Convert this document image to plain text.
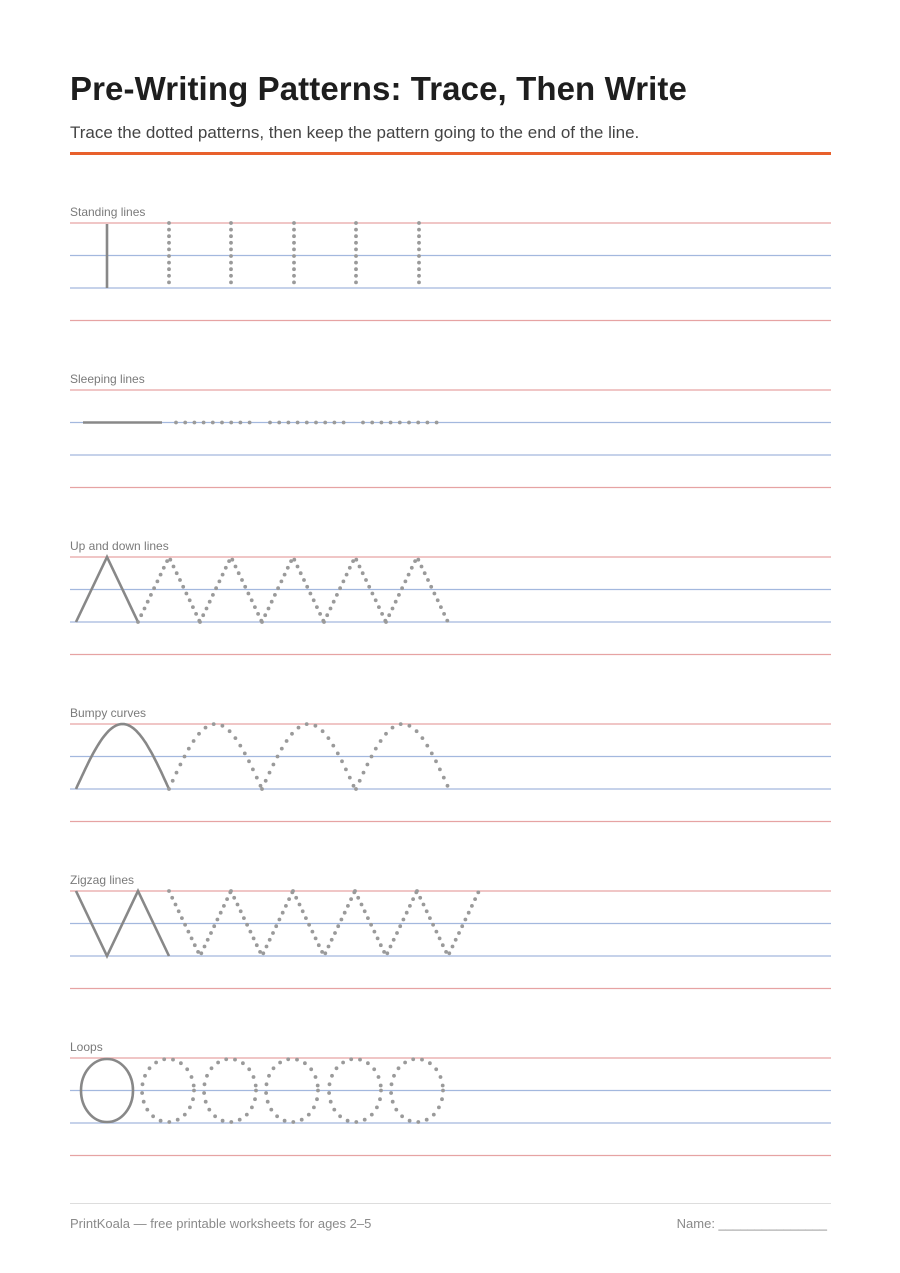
Pre-Writing Patterns: Trace, Then Write

Trace the dotted patterns, then keep the pattern going to the end of the line.

Standing lines
Sleeping lines
Up and down lines
Bumpy curves
Zigzag lines
Loops
PrintKoala — free printable worksheets for ages 2–5	Name: _______________
